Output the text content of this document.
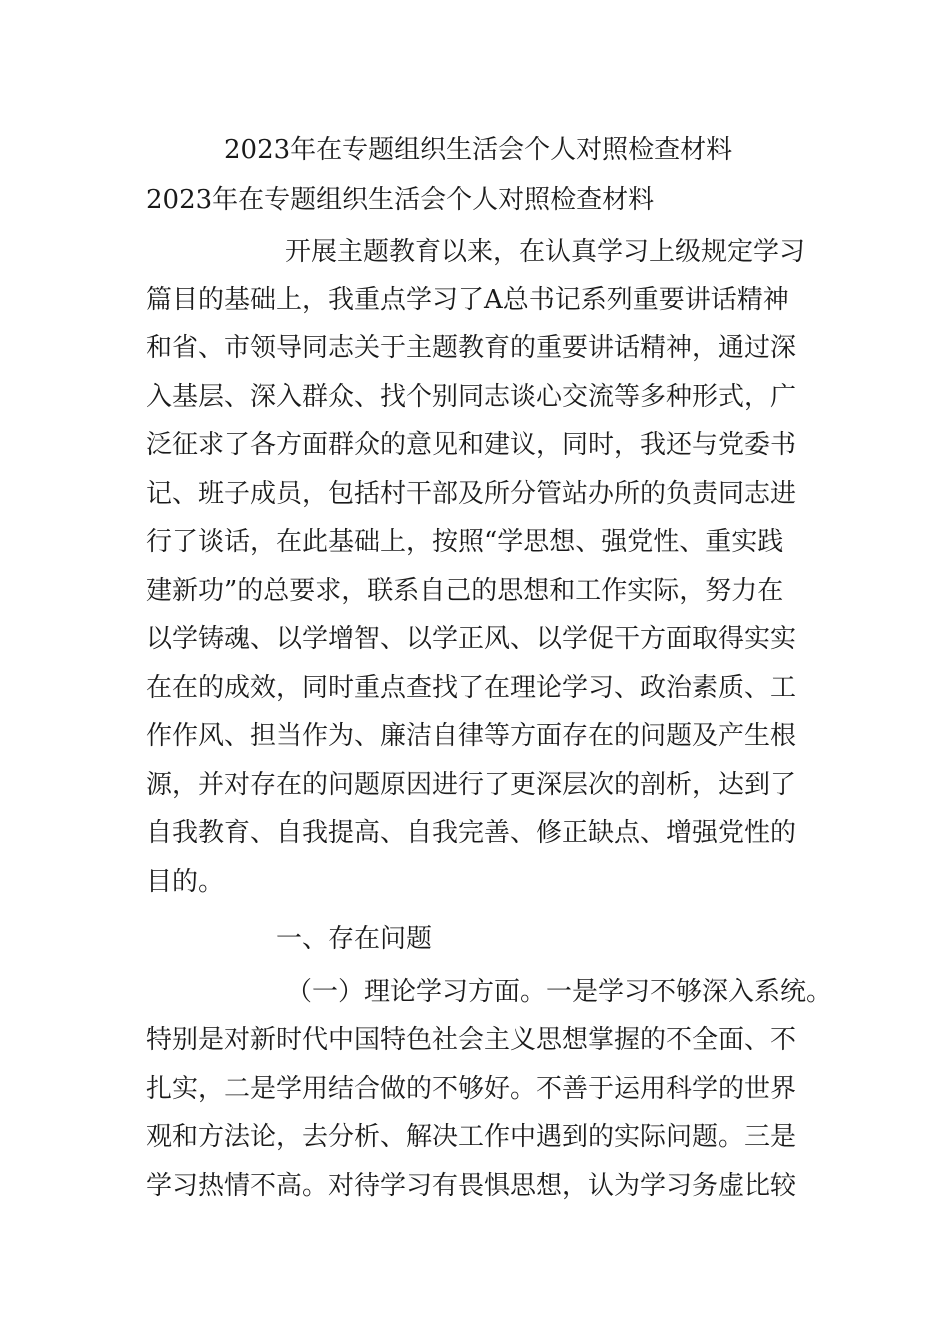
2023年在专题组织生活会个人对照检查材料
2023年在专题组织生活会个人对照检查材料

开展主题教育以来，在认真学习上级规定学习

篇目的基础上，我重点学习了A总书记系列重要讲话精神

和省、市领导同志关于主题教育的重要讲话精神，通过深

入基层、深入群众、找个别同志谈心交流等多种形式，广

泛征求了各方面群众的意见和建议，同时，我还与党委书

记、班子成员，包括村干部及所分管站办所的负责同志进

行了谈话，在此基础上，按照“学思想、强党性、重实践

建新功”的总要求，联系自己的思想和工作实际，努力在

以学铸魂、以学增智、以学正风、以学促干方面取得实实

在在的成效，同时重点查找了在理论学习、政治素质、工

作作风、担当作为、廉洁自律等方面存在的问题及产生根

源，并对存在的问题原因进行了更深层次的剖析，达到了

自我教育、自我提高、自我完善、修正缺点、增强党性的

目的。

一、存在问题

（一）理论学习方面。一是学习不够深入系统。

特别是对新时代中国特色社会主义思想掌握的不全面、不

扎实，二是学用结合做的不够好。不善于运用科学的世界

观和方法论，去分析、解决工作中遇到的实际问题。三是

学习热情不高。对待学习有畏惧思想，认为学习务虚比较
